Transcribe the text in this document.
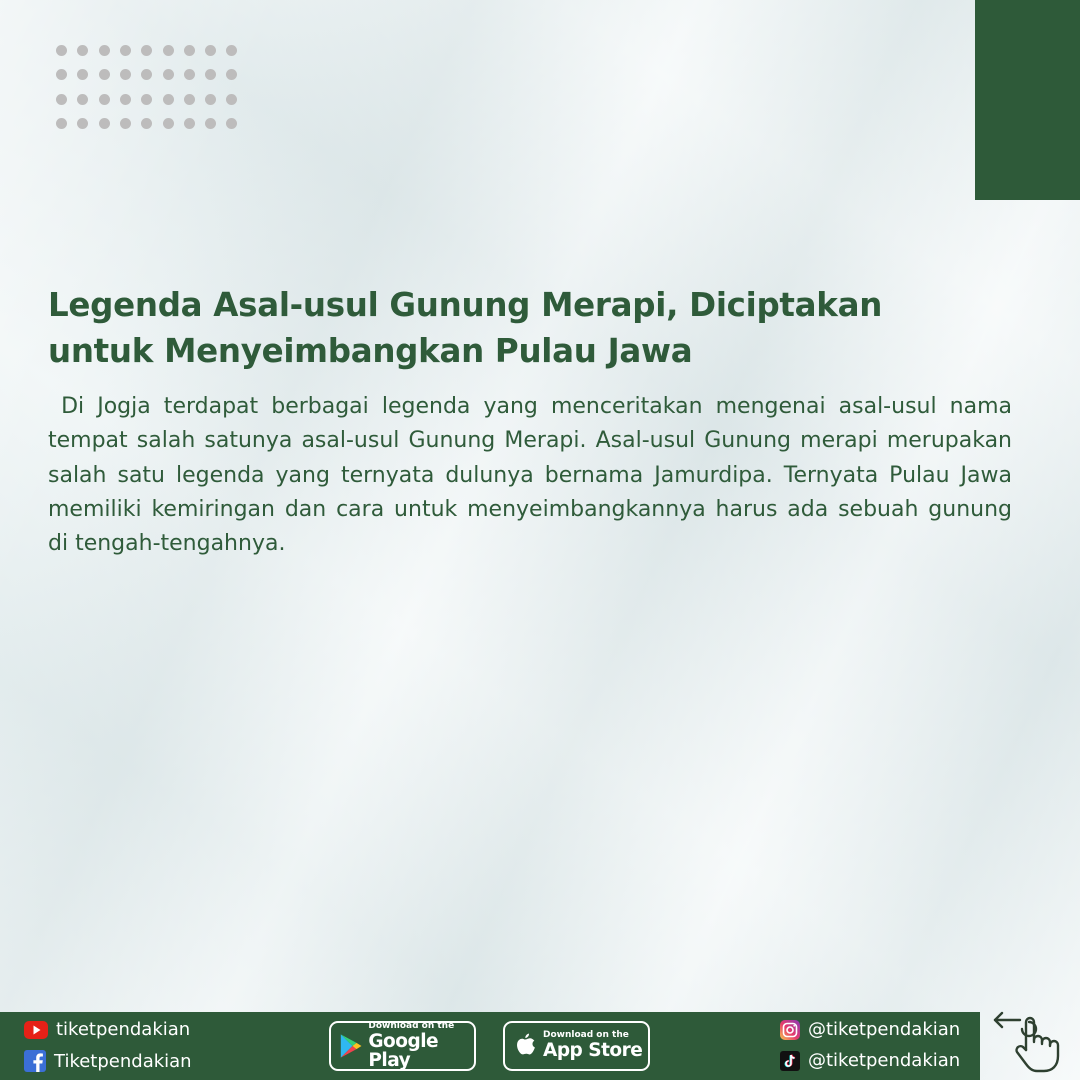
Legenda Asal-usul Gunung Merapi, Diciptakan untuk Menyeimbangkan Pulau Jawa

Di Jogja terdapat berbagai legenda yang menceritakan mengenai asal-usul nama tempat salah satunya asal-usul Gunung Merapi. Asal-usul Gunung merapi merupakan salah satu legenda yang ternyata dulunya bernama Jamurdipa. Ternyata Pulau Jawa memiliki kemiringan dan cara untuk menyeimbangkannya harus ada sebuah gunung di tengah-tengahnya.

tiketpendakian
Tiketpendakian
Download on the
Google Play
Download on the
App Store
@tiketpendakian
@tiketpendakian
